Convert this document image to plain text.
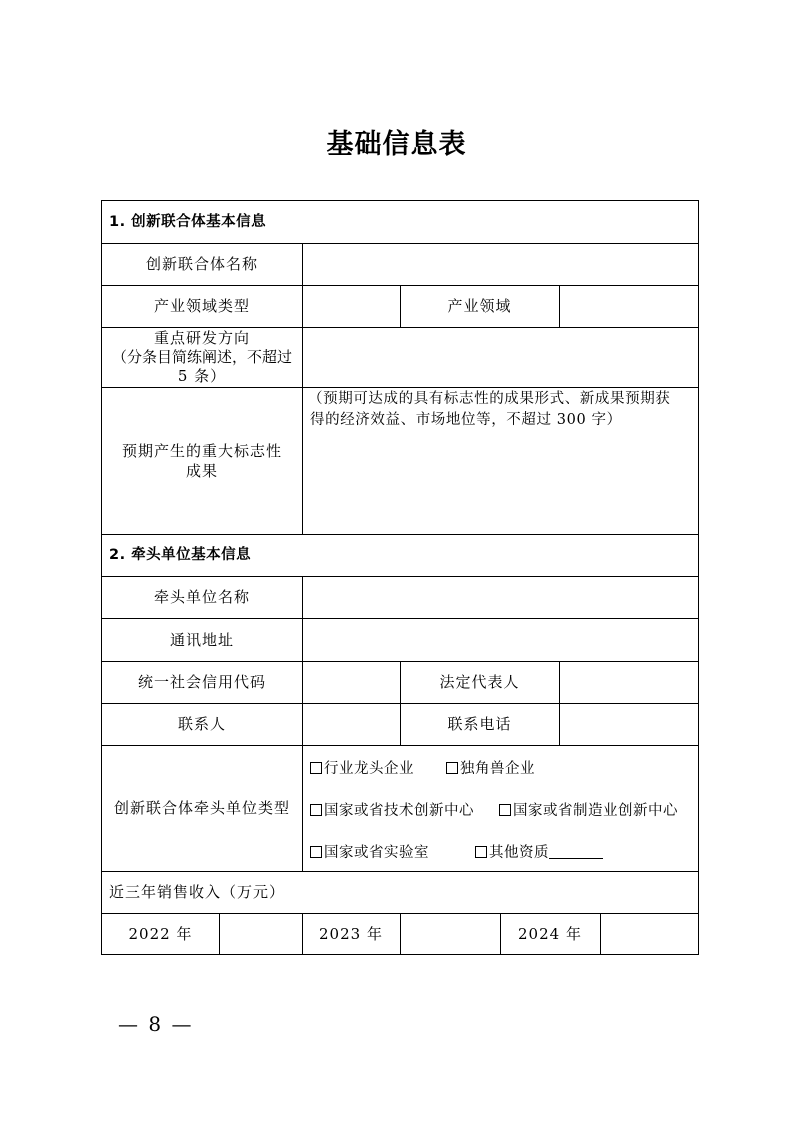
基础信息表
1. 创新联合体基本信息
创新联合体名称
产业领域类型	产业领域
重点研发方向
（分条目简练阐述，不超过
5 条）
预期产生的重大标志性
成果
（预期可达成的具有标志性的成果形式、新成果预期获
得的经济效益、市场地位等，不超过 300 字）
2. 牵头单位基本信息
牵头单位名称
通讯地址
统一社会信用代码	法定代表人
联系人	联系电话
创新联合体牵头单位类型
行业龙头企业	独角兽企业
国家或省技术创新中心	国家或省制造业创新中心
国家或省实验室	其他资质
近三年销售收入（万元）
2022 年	2023 年	2024 年
— 8 —
